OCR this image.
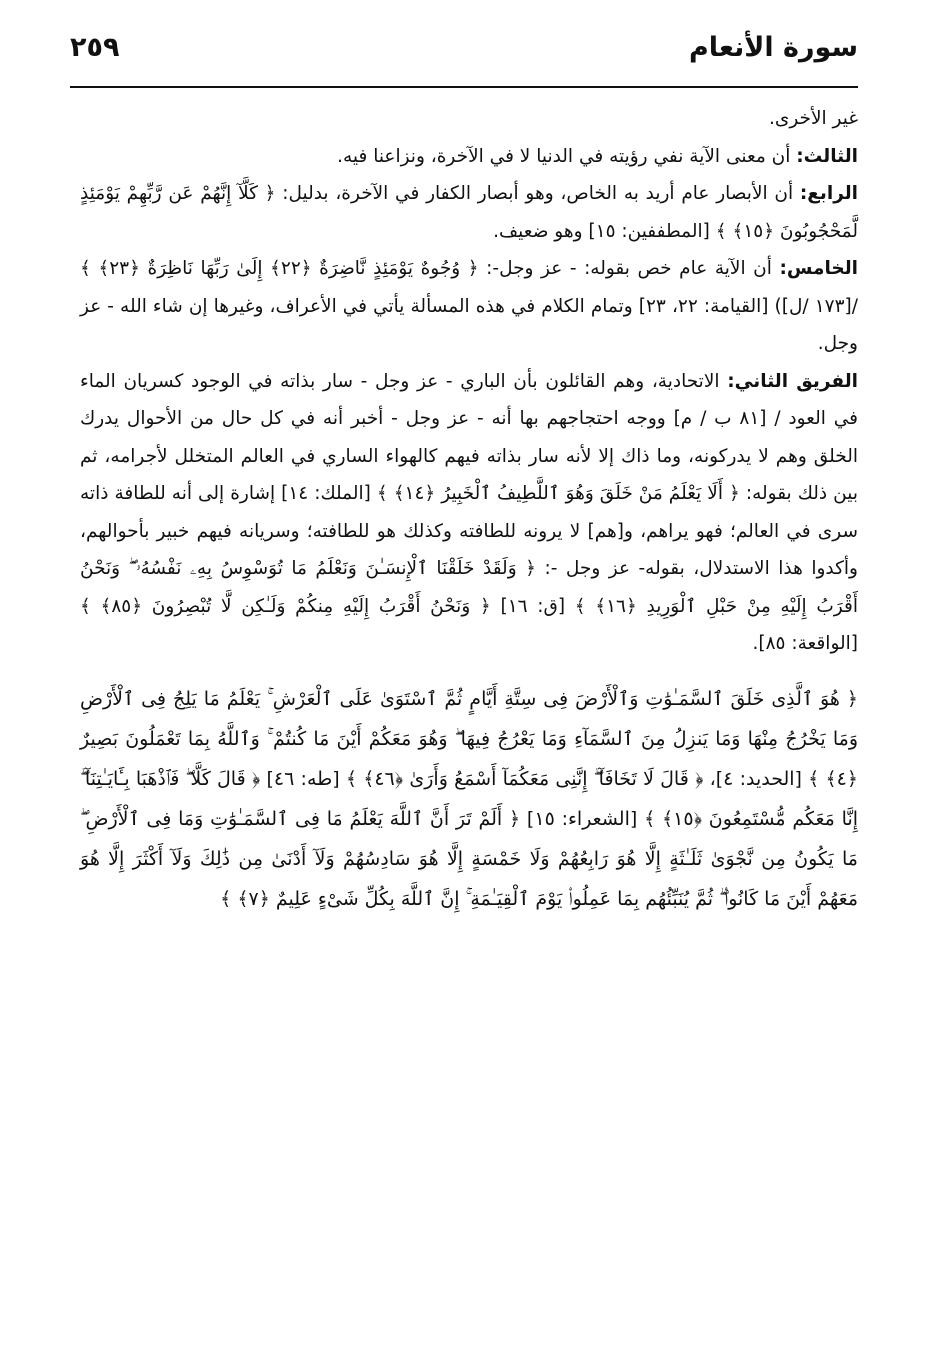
سورة الأنعام
٢٥٩

غير الأخرى.

الثالث: أن معنى الآية نفي رؤيته في الدنيا لا في الآخرة، ونزاعنا فيه.

الرابع: أن الأبصار عام أريد به الخاص، وهو أبصار الكفار في الآخرة، بدليل: ﴿ كَلَّآ إِنَّهُمْ عَن رَّبِّهِمْ يَوْمَئِذٍ لَّمَحْجُوبُونَ ﴿١٥﴾ ﴾ [المطففين: ١٥] وهو ضعيف.

الخامس: أن الآية عام خص بقوله: - عز وجل-: ﴿ وُجُوهٌ يَوْمَئِذٍ نَّاضِرَةٌ ﴿٢٢﴾ إِلَىٰ رَبِّهَا نَاظِرَةٌ ﴿٢٣﴾ ﴾ /[١٧٣ /ل]) [القيامة: ٢٢، ٢٣] وتمام الكلام في هذه المسألة يأتي في الأعراف، وغيرها إن شاء الله - عز وجل.

الفريق الثاني: الاتحادية، وهم القائلون بأن الباري - عز وجل - سار بذاته في الوجود كسريان الماء في العود / [٨١ ب / م] ووجه احتجاجهم بها أنه - عز وجل - أخبر أنه في كل حال من الأحوال يدرك الخلق وهم لا يدركونه، وما ذاك إلا لأنه سار بذاته فيهم كالهواء الساري في العالم المتخلل لأجرامه، ثم بين ذلك بقوله: ﴿ أَلَا يَعْلَمُ مَنْ خَلَقَ وَهُوَ ٱللَّطِيفُ ٱلْخَبِيرُ ﴿١٤﴾ ﴾ [الملك: ١٤] إشارة إلى أنه للطافة ذاته سرى في العالم؛ فهو يراهم، و[هم] لا يرونه للطافته وكذلك هو للطافته؛ وسريانه فيهم خبير بأحوالهم، وأكدوا هذا الاستدلال، بقوله- عز وجل -: ﴿ وَلَقَدْ خَلَقْنَا ٱلْإِنسَـٰنَ وَنَعْلَمُ مَا تُوَسْوِسُ بِهِۦ نَفْسُهُۥ ۖ وَنَحْنُ أَقْرَبُ إِلَيْهِ مِنْ حَبْلِ ٱلْوَرِيدِ ﴿١٦﴾ ﴾ [ق: ١٦] ﴿ وَنَحْنُ أَقْرَبُ إِلَيْهِ مِنكُمْ وَلَـٰكِن لَّا تُبْصِرُونَ ﴿٨٥﴾ ﴾ [الواقعة: ٨٥].

﴿ هُوَ ٱلَّذِى خَلَقَ ٱلسَّمَـٰوَٰتِ وَٱلْأَرْضَ فِى سِتَّةِ أَيَّامٍ ثُمَّ ٱسْتَوَىٰ عَلَى ٱلْعَرْشِ ۚ يَعْلَمُ مَا يَلِجُ فِى ٱلْأَرْضِ وَمَا يَخْرُجُ مِنْهَا وَمَا يَنزِلُ مِنَ ٱلسَّمَآءِ وَمَا يَعْرُجُ فِيهَا ۖ وَهُوَ مَعَكُمْ أَيْنَ مَا كُنتُمْ ۚ وَٱللَّهُ بِمَا تَعْمَلُونَ بَصِيرٌ ﴿٤﴾ ﴾ [الحديد: ٤]، ﴿ قَالَ لَا تَخَافَآ ۖ إِنَّنِى مَعَكُمَآ أَسْمَعُ وَأَرَىٰ ﴿٤٦﴾ ﴾ [طه: ٤٦] ﴿ قَالَ كَلَّا ۖ فَٱذْهَبَا بِـَٔايَـٰتِنَآ ۖ إِنَّا مَعَكُم مُّسْتَمِعُونَ ﴿١٥﴾ ﴾ [الشعراء: ١٥] ﴿ أَلَمْ تَرَ أَنَّ ٱللَّهَ يَعْلَمُ مَا فِى ٱلسَّمَـٰوَٰتِ وَمَا فِى ٱلْأَرْضِ ۖ مَا يَكُونُ مِن نَّجْوَىٰ ثَلَـٰثَةٍ إِلَّا هُوَ رَابِعُهُمْ وَلَا خَمْسَةٍ إِلَّا هُوَ سَادِسُهُمْ وَلَآ أَدْنَىٰ مِن ذَٰلِكَ وَلَآ أَكْثَرَ إِلَّا هُوَ مَعَهُمْ أَيْنَ مَا كَانُوا۟ ۖ ثُمَّ يُنَبِّئُهُم بِمَا عَمِلُوا۟ يَوْمَ ٱلْقِيَـٰمَةِ ۚ إِنَّ ٱللَّهَ بِكُلِّ شَىْءٍ عَلِيمٌ ﴿٧﴾ ﴾
